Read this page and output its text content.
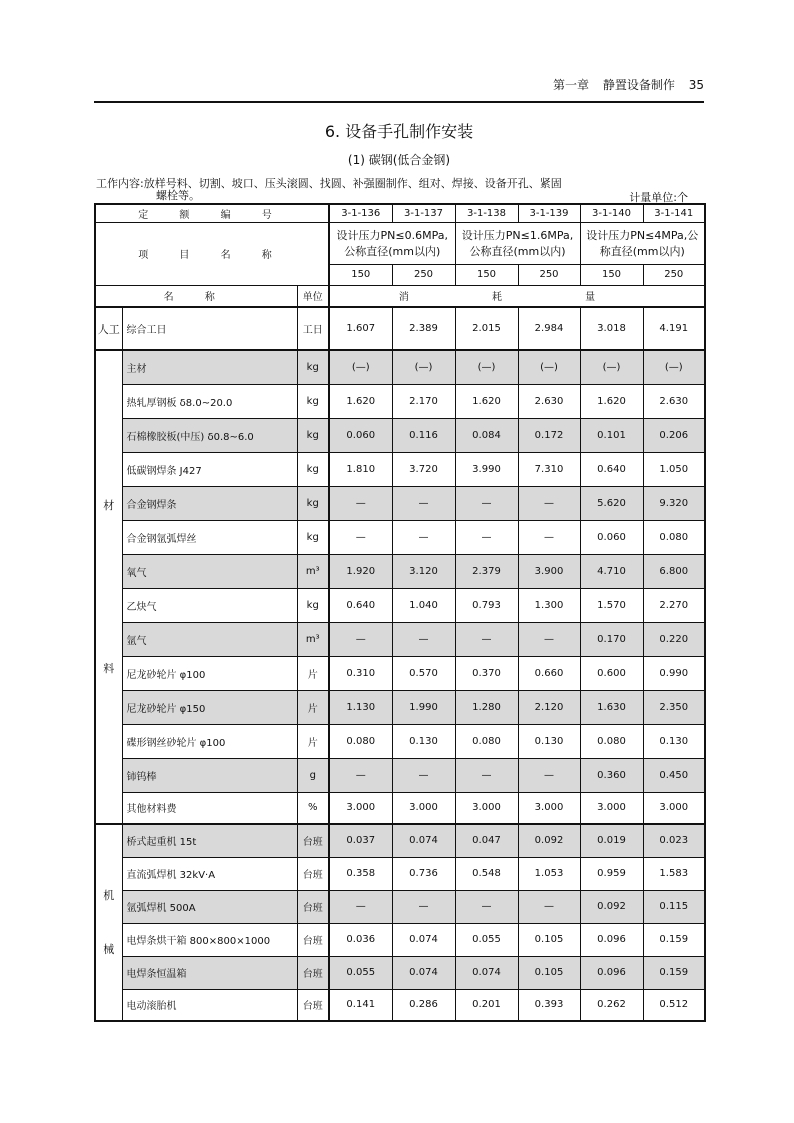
第一章 静置设备制作 35
6. 设备手孔制作安装
(1) 碳钢(低合金钢)
工作内容:放样号料、切割、坡口、压头滚圆、找圆、补强圈制作、组对、焊接、设备开孔、紧固
螺栓等。	计量单位:个
定 额 编 号			3-1-136	3-1-137	3-1-138	3-1-139	3-1-140	3-1-141
项 目 名 称			设计压力PN≤0.6MPa,公称直径(mm以内)		设计压力PN≤1.6MPa,公称直径(mm以内)		设计压力PN≤4MPa,公称直径(mm以内)	
			150	250	150	250	150	250
名 称		单位	消 耗 量					
人工	综合工日	工日	1.607	2.389	2.015	2.984	3.018	4.191

材
料	主材	kg	(—)	(—)	(—)	(—)	(—)	(—)
	热轧厚钢板 δ8.0~20.0	kg	1.620	2.170	1.620	2.630	1.620	2.630
	石棉橡胶板(中压) δ0.8~6.0	kg	0.060	0.116	0.084	0.172	0.101	0.206
	低碳钢焊条 J427	kg	1.810	3.720	3.990	7.310	0.640	1.050
	合金钢焊条	kg	—	—	—	—	5.620	9.320
	合金钢氩弧焊丝	kg	—	—	—	—	0.060	0.080
	氧气	m³	1.920	3.120	2.379	3.900	4.710	6.800
	乙炔气	kg	0.640	1.040	0.793	1.300	1.570	2.270
	氩气	m³	—	—	—	—	0.170	0.220
	尼龙砂轮片 φ100	片	0.310	0.570	0.370	0.660	0.600	0.990
	尼龙砂轮片 φ150	片	1.130	1.990	1.280	2.120	1.630	2.350
	碟形钢丝砂轮片 φ100	片	0.080	0.130	0.080	0.130	0.080	0.130
	铈钨棒	g	—	—	—	—	0.360	0.450
	其他材料费	%	3.000	3.000	3.000	3.000	3.000	3.000

机
械	桥式起重机 15t	台班	0.037	0.074	0.047	0.092	0.019	0.023
	直流弧焊机 32kV·A	台班	0.358	0.736	0.548	1.053	0.959	1.583
	氩弧焊机 500A	台班	—	—	—	—	0.092	0.115
	电焊条烘干箱 800×800×1000	台班	0.036	0.074	0.055	0.105	0.096	0.159
	电焊条恒温箱	台班	0.055	0.074	0.074	0.105	0.096	0.159
	电动滚胎机	台班	0.141	0.286	0.201	0.393	0.262	0.512
